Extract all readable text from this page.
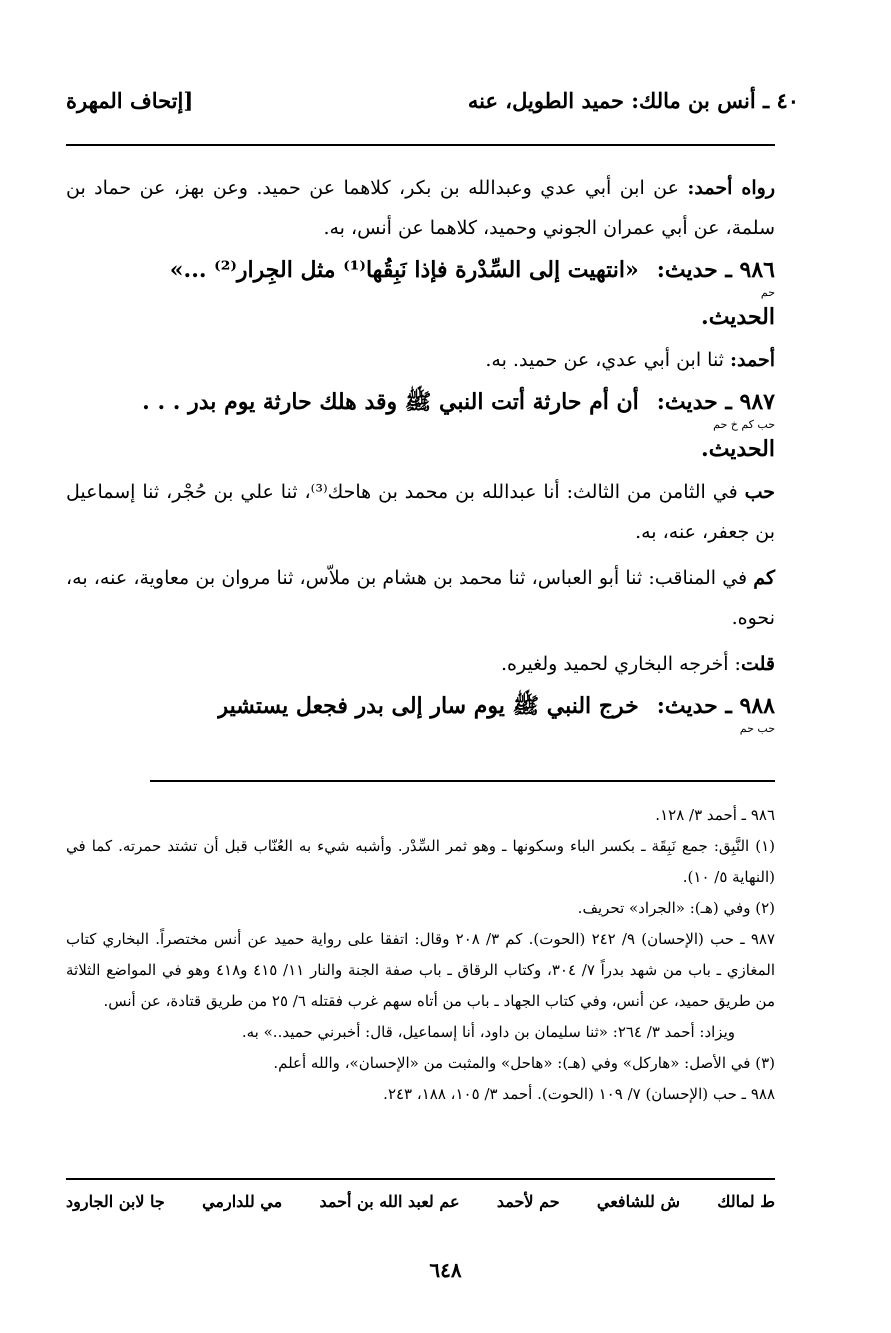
٤٠ ـ أنس بن مالك: حميد الطويل، عنه
[إتحاف المهرة

رواه أحمد: عن ابن أبي عدي وعبدالله بن بكر، كلاهما عن حميد. وعن بهز، عن حماد بن سلمة، عن أبي عمران الجوني وحميد، كلاهما عن أنس، به.

٩٨٦ ـ حديث:
«انتهيت إلى السِّدْرة فإذا نَبِقُها⁽¹⁾ مثل الجِرار⁽²⁾ ...»
حم
الحديث.

أحمد: ثنا ابن أبي عدي، عن حميد. به.

٩٨٧ ـ حديث:
أن أم حارثة أتت النبي ﷺ وقد هلك حارثة يوم بدر . . .
حب كم خ حم
الحديث.

حب في الثامن من الثالث: أنا عبدالله بن محمد بن هاحك⁽³⁾، ثنا علي بن حُجْر، ثنا إسماعيل بن جعفر، عنه، به.

كم في المناقب: ثنا أبو العباس، ثنا محمد بن هشام بن ملاّس، ثنا مروان بن معاوية، عنه، به، نحوه.

قلت: أخرجه البخاري لحميد ولغيره.

٩٨٨ ـ حديث:
خرج النبي ﷺ يوم سار إلى بدر فجعل يستشير
حب حم

٩٨٦ ـ أحمد ٣/ ١٢٨.

(١) النَّبِق: جمع نَبِقَة ـ بكسر الباء وسكونها ـ وهو ثمر السِّدْر. وأشبه شيء به العُنّاب قبل أن تشتد حمرته. كما في (النهاية ٥/ ١٠).

(٢) وفي (هـ): «الجراد» تحريف.

٩٨٧ ـ حب (الإحسان) ٩/ ٢٤٢ (الحوت). كم ٣/ ٢٠٨ وقال: اتفقا على رواية حميد عن أنس مختصراً. البخاري كتاب المغازي ـ باب من شهد بدراً ٧/ ٣٠٤، وكتاب الرقاق ـ باب صفة الجنة والنار ١١/ ٤١٥ و٤١٨ وهو في المواضع الثلاثة من طريق حميد، عن أنس، وفي كتاب الجهاد ـ باب من أتاه سهم غرب فقتله ٦/ ٢٥ من طريق قتادة، عن أنس.

ويزاد: أحمد ٣/ ٢٦٤: «ثنا سليمان بن داود، أنا إسماعيل، قال: أخبرني حميد..» به.

(٣) في الأصل: «هاركل» وفي (هـ): «هاحل» والمثبت من «الإحسان»، والله أعلم.

٩٨٨ ـ حب (الإحسان) ٧/ ١٠٩ (الحوت). أحمد ٣/ ١٠٥، ١٨٨، ٢٤٣.

ط لمالك
ش للشافعي
حم لأحمد
عم لعبد الله بن أحمد
مي للدارمي
جا لابن الجارود
٦٤٨
